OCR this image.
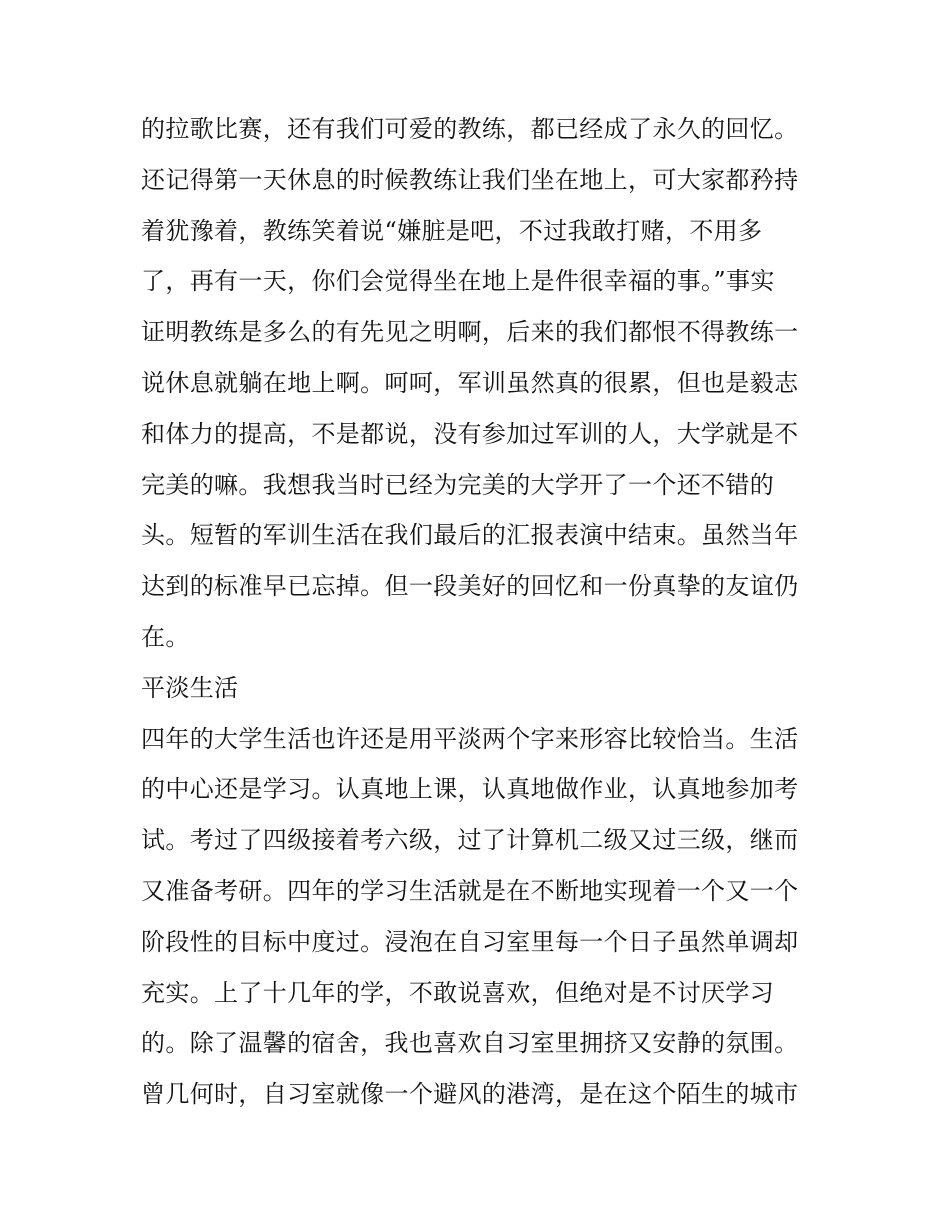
的拉歌比赛，还有我们可爱的教练，都已经成了永久的回忆。
还记得第一天休息的时候教练让我们坐在地上，可大家都矜持
着犹豫着，教练笑着说“嫌脏是吧，不过我敢打赌，不用多
了，再有一天，你们会觉得坐在地上是件很幸福的事。”事实
证明教练是多么的有先见之明啊，后来的我们都恨不得教练一
说休息就躺在地上啊。呵呵，军训虽然真的很累，但也是毅志
和体力的提高，不是都说，没有参加过军训的人，大学就是不
完美的嘛。我想我当时已经为完美的大学开了一个还不错的
头。短暂的军训生活在我们最后的汇报表演中结束。虽然当年
达到的标准早已忘掉。但一段美好的回忆和一份真挚的友谊仍
在。
平淡生活
四年的大学生活也许还是用平淡两个字来形容比较恰当。生活
的中心还是学习。认真地上课，认真地做作业，认真地参加考
试。考过了四级接着考六级，过了计算机二级又过三级，继而
又准备考研。四年的学习生活就是在不断地实现着一个又一个
阶段性的目标中度过。浸泡在自习室里每一个日子虽然单调却
充实。上了十几年的学，不敢说喜欢，但绝对是不讨厌学习
的。除了温馨的宿舍，我也喜欢自习室里拥挤又安静的氛围。
曾几何时，自习室就像一个避风的港湾，是在这个陌生的城市
